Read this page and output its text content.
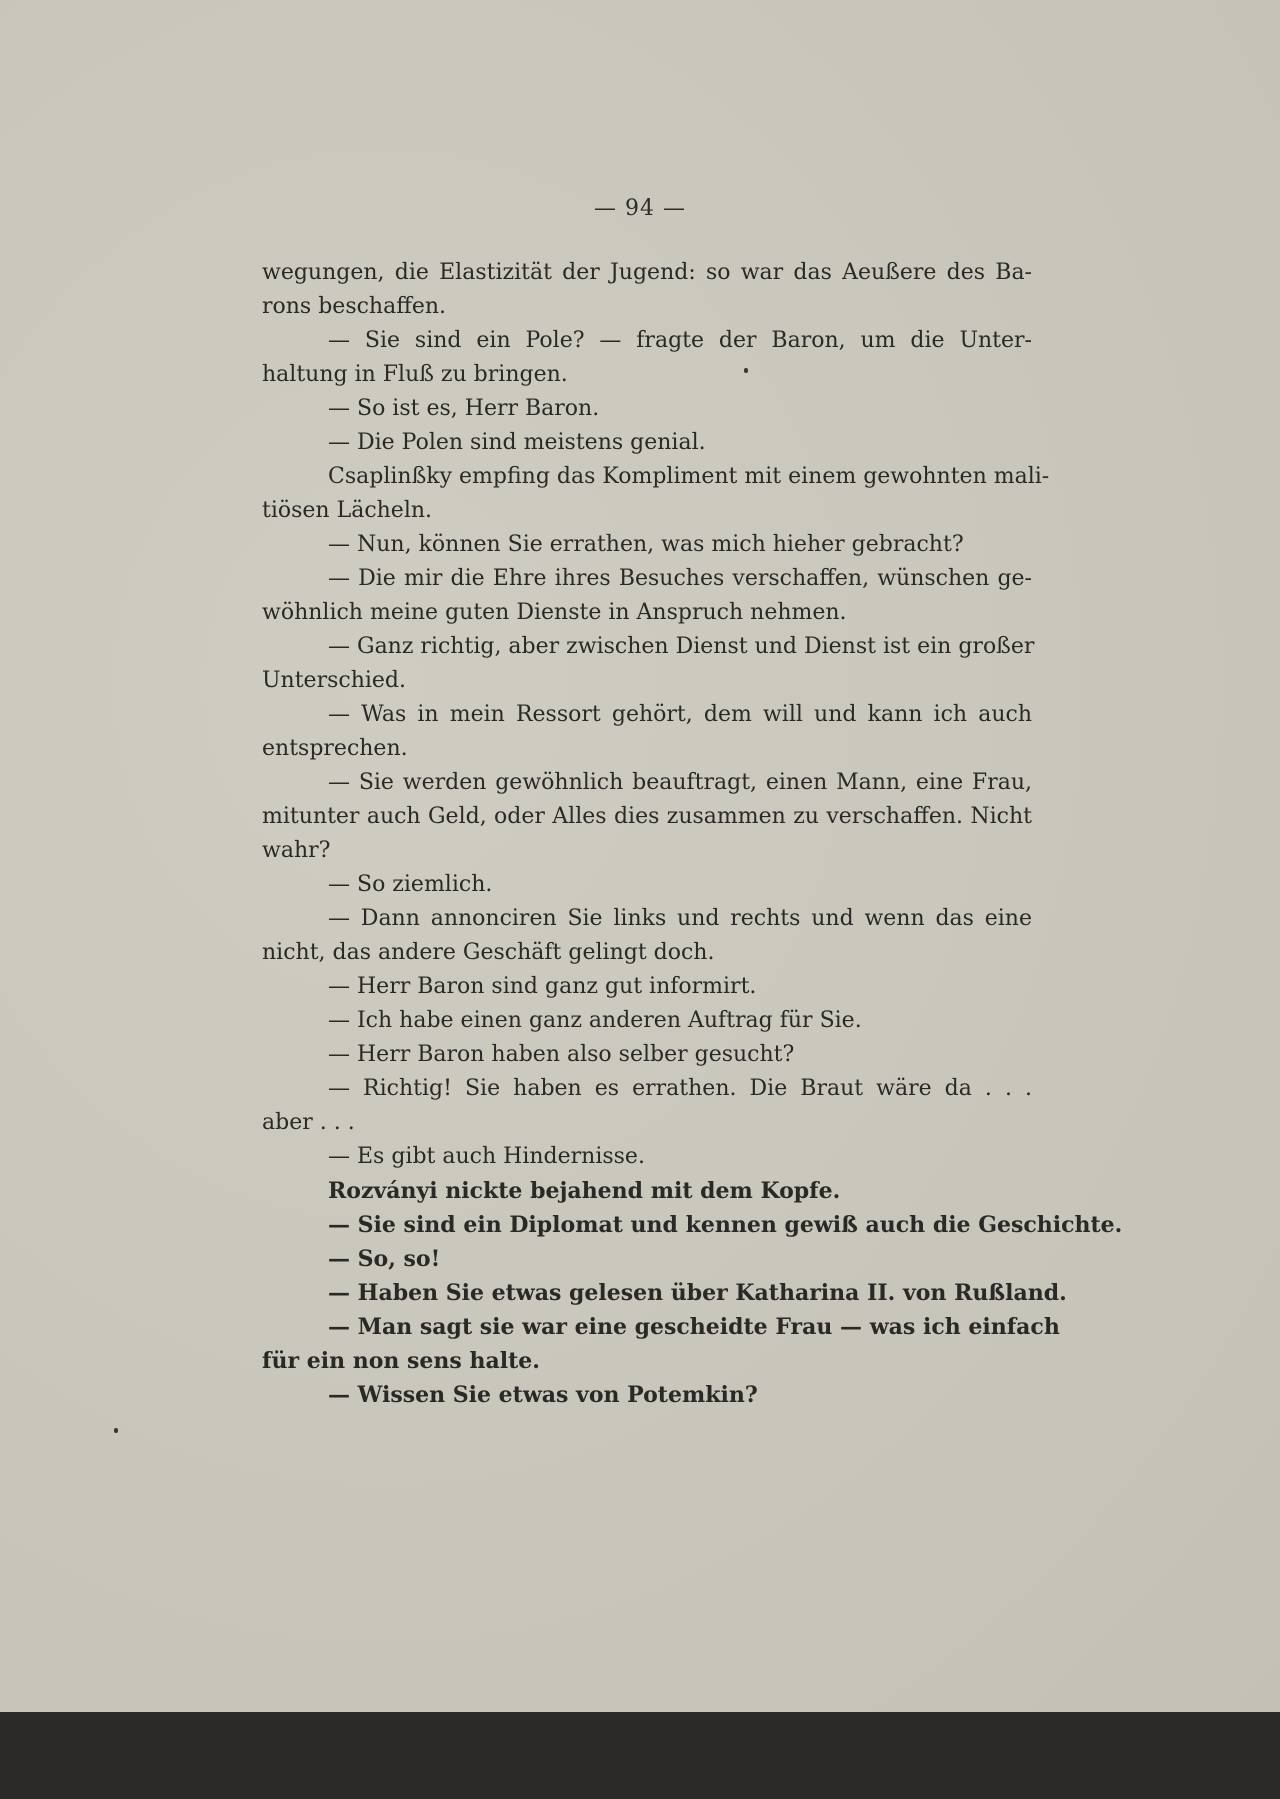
— 94 —
wegungen, die Elastizität der Jugend: so war das Aeußere des Ba-
rons beschaffen.
— Sie sind ein Pole? — fragte der Baron, um die Unter-
haltung in Fluß zu bringen.
— So ist es, Herr Baron.
— Die Polen sind meistens genial.
Csaplinßky empfing das Kompliment mit einem gewohnten mali-
tiösen Lächeln.
— Nun, können Sie errathen, was mich hieher gebracht?
— Die mir die Ehre ihres Besuches verschaffen, wünschen ge-
wöhnlich meine guten Dienste in Anspruch nehmen.
— Ganz richtig, aber zwischen Dienst und Dienst ist ein großer
Unterschied.
— Was in mein Ressort gehört, dem will und kann ich auch
entsprechen.
— Sie werden gewöhnlich beauftragt, einen Mann, eine Frau,
mitunter auch Geld, oder Alles dies zusammen zu verschaffen. Nicht
wahr?
— So ziemlich.
— Dann annonciren Sie links und rechts und wenn das eine
nicht, das andere Geschäft gelingt doch.
— Herr Baron sind ganz gut informirt.
— Ich habe einen ganz anderen Auftrag für Sie.
— Herr Baron haben also selber gesucht?
— Richtig! Sie haben es errathen. Die Braut wäre da . . .
aber . . .
— Es gibt auch Hindernisse.
Rozványi nickte bejahend mit dem Kopfe.
— Sie sind ein Diplomat und kennen gewiß auch die Geschichte.
— So, so!
— Haben Sie etwas gelesen über Katharina II. von Rußland.
— Man sagt sie war eine gescheidte Frau — was ich einfach
für ein non sens halte.
— Wissen Sie etwas von Potemkin?
